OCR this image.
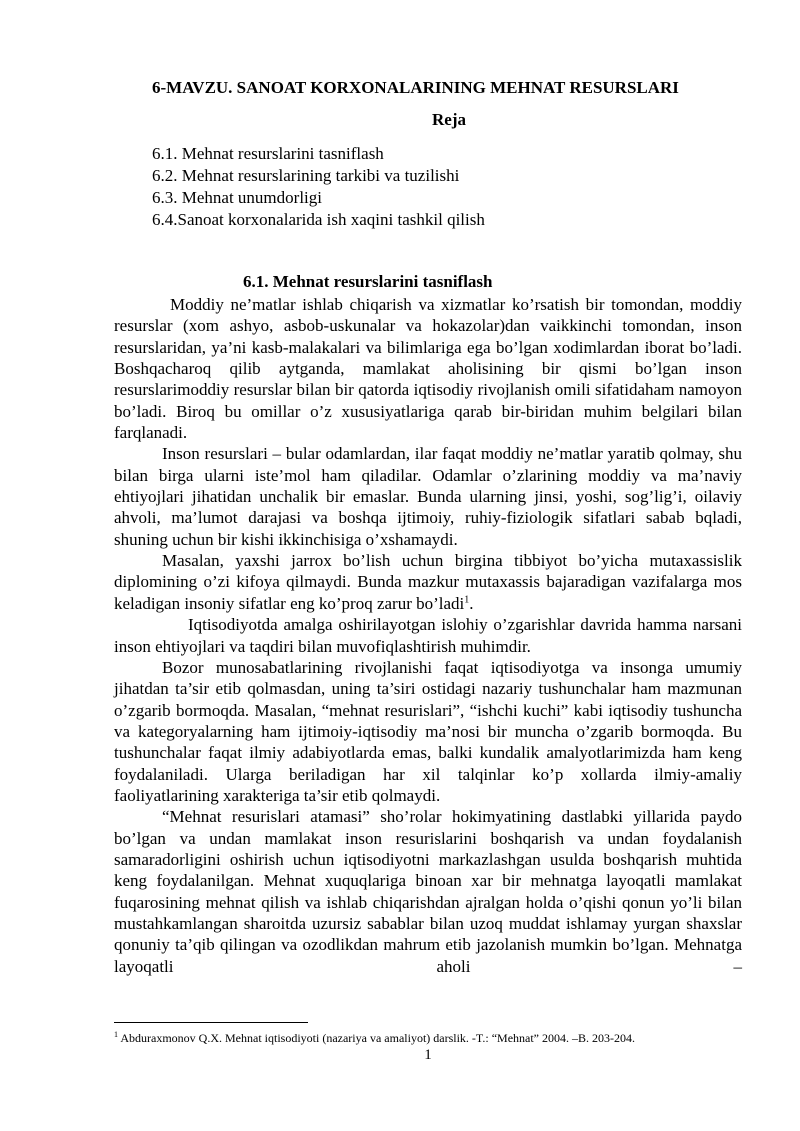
6-MAVZU. SANOAT KORXONALARINING MEHNAT RESURSLARI
Reja
6.1. Mehnat resurslarini tasniflash
6.2. Mehnat resurslarining tarkibi va tuzilishi
6.3. Mehnat unumdorligi
6.4.Sanoat korxonalarida ish xaqini tashkil qilish
6.1. Mehnat resurslarini tasniflash

Moddiy ne’matlar ishlab chiqarish va xizmatlar ko’rsatish bir tomondan, moddiy resurslar (xom ashyo, asbob-uskunalar va hokazolar)dan vaikkinchi tomondan, inson resurslaridan, ya’ni kasb-malakalari va bilimlariga ega bo’lgan xodimlardan iborat bo’ladi. Boshqacharoq qilib aytganda, mamlakat aholisining bir qismi bo’lgan inson resurslarimoddiy resurslar bilan bir qatorda iqtisodiy rivojlanish omili sifatidaham namoyon bo’ladi. Biroq bu omillar o’z xususiyatlariga qarab bir-biridan muhim belgilari bilan farqlanadi.

Inson resurslari – bular odamlardan, ilar faqat moddiy ne’matlar yaratib qolmay, shu bilan birga ularni iste’mol ham qiladilar. Odamlar o’zlarining moddiy va ma’naviy ehtiyojlari jihatidan unchalik bir emaslar. Bunda ularning jinsi, yoshi, sog’lig’i, oilaviy ahvoli, ma’lumot darajasi va boshqa ijtimoiy, ruhiy-fiziologik sifatlari sabab bqladi, shuning uchun bir kishi ikkinchisiga o’xshamaydi.

Masalan, yaxshi jarrox bo’lish uchun birgina tibbiyot bo’yicha mutaxassislik diplomining o’zi kifoya qilmaydi. Bunda mazkur mutaxassis bajaradigan vazifalarga mos keladigan insoniy sifatlar eng ko’proq zarur bo’ladi$^1$.

Iqtisodiyotda amalga oshirilayotgan islohiy o’zgarishlar davrida hamma narsani inson ehtiyojlari va taqdiri bilan muvofiqlashtirish muhimdir.

Bozor munosabatlarining rivojlanishi faqat iqtisodiyotga va insonga umumiy jihatdan ta’sir etib qolmasdan, uning ta’siri ostidagi nazariy tushunchalar ham mazmunan o’zgarib bormoqda. Masalan, “mehnat resurislari”, “ishchi kuchi” kabi iqtisodiy tushuncha va kategoryalarning ham ijtimoiy-iqtisodiy ma’nosi bir muncha o’zgarib bormoqda. Bu tushunchalar faqat ilmiy adabiyotlarda emas, balki kundalik amalyotlarimizda ham keng foydalaniladi. Ularga beriladigan har xil talqinlar ko’p xollarda ilmiy-amaliy faoliyatlarining xarakteriga ta’sir etib qolmaydi.

“Mehnat resurislari atamasi” sho’rolar hokimyatining dastlabki yillarida paydo bo’lgan va undan mamlakat inson resurislarini boshqarish va undan foydalanish samaradorligini oshirish uchun iqtisodiyotni markazlashgan usulda boshqarish muhtida keng foydalanilgan. Mehnat xuquqlariga binoan xar bir mehnatga layoqatli mamlakat fuqarosining mehnat qilish va ishlab chiqarishdan ajralgan holda o’qishi qonun yo’li bilan mustahkamlangan sharoitda uzursiz sabablar bilan uzoq muddat ishlamay yurgan shaxslar qonuniy ta’qib qilingan va ozodlikdan mahrum etib jazolanish mumkin bo’lgan. Mehnatga layoqatli aholi –

$^1$ Abduraxmonov Q.X. Mehnat iqtisodiyoti (nazariya va amaliyot) darslik. -T.: “Mehnat” 2004. –B. 203-204.
1
